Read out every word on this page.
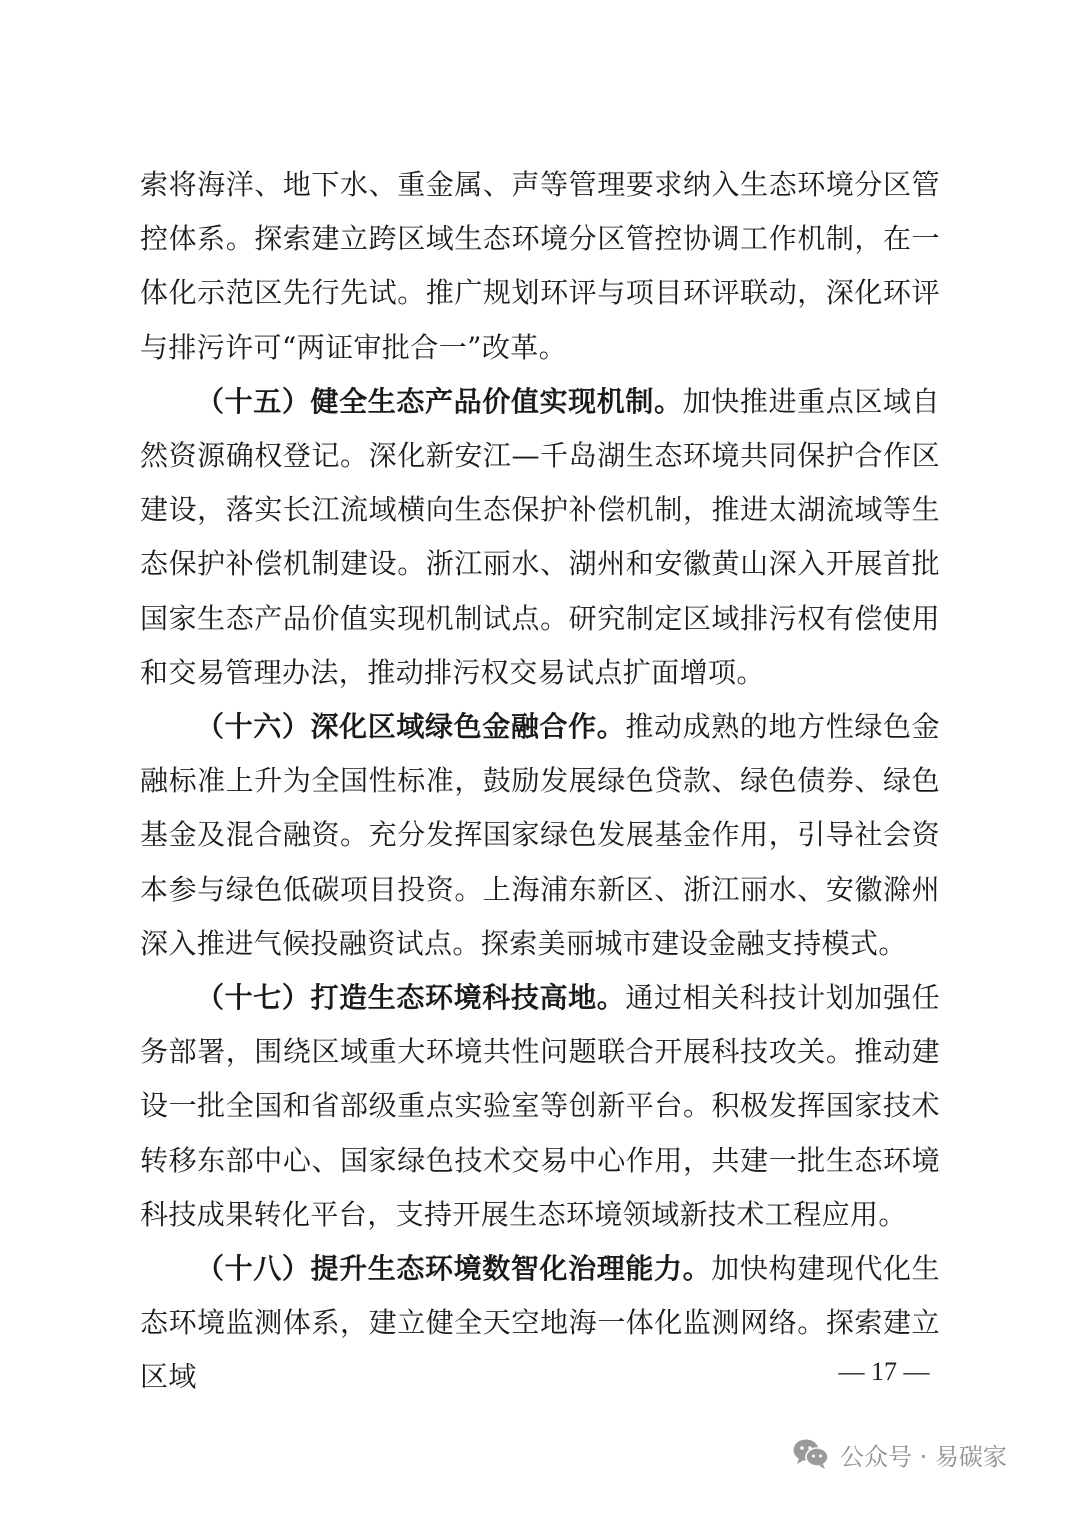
索将海洋、地下水、重金属、声等管理要求纳入生态环境分区管控体系。探索建立跨区域生态环境分区管控协调工作机制，在一体化示范区先行先试。推广规划环评与项目环评联动，深化环评与排污许可“两证审批合一”改革。

（十五）健全生态产品价值实现机制。加快推进重点区域自然资源确权登记。深化新安江—千岛湖生态环境共同保护合作区建设，落实长江流域横向生态保护补偿机制，推进太湖流域等生态保护补偿机制建设。浙江丽水、湖州和安徽黄山深入开展首批国家生态产品价值实现机制试点。研究制定区域排污权有偿使用和交易管理办法，推动排污权交易试点扩面增项。

（十六）深化区域绿色金融合作。推动成熟的地方性绿色金融标准上升为全国性标准，鼓励发展绿色贷款、绿色债券、绿色基金及混合融资。充分发挥国家绿色发展基金作用，引导社会资本参与绿色低碳项目投资。上海浦东新区、浙江丽水、安徽滁州深入推进气候投融资试点。探索美丽城市建设金融支持模式。

（十七）打造生态环境科技高地。通过相关科技计划加强任务部署，围绕区域重大环境共性问题联合开展科技攻关。推动建设一批全国和省部级重点实验室等创新平台。积极发挥国家技术转移东部中心、国家绿色技术交易中心作用，共建一批生态环境科技成果转化平台，支持开展生态环境领域新技术工程应用。

（十八）提升生态环境数智化治理能力。加快构建现代化生态环境监测体系，建立健全天空地海一体化监测网络。探索建立区域	— 17 —
公众号 · 易碳家
